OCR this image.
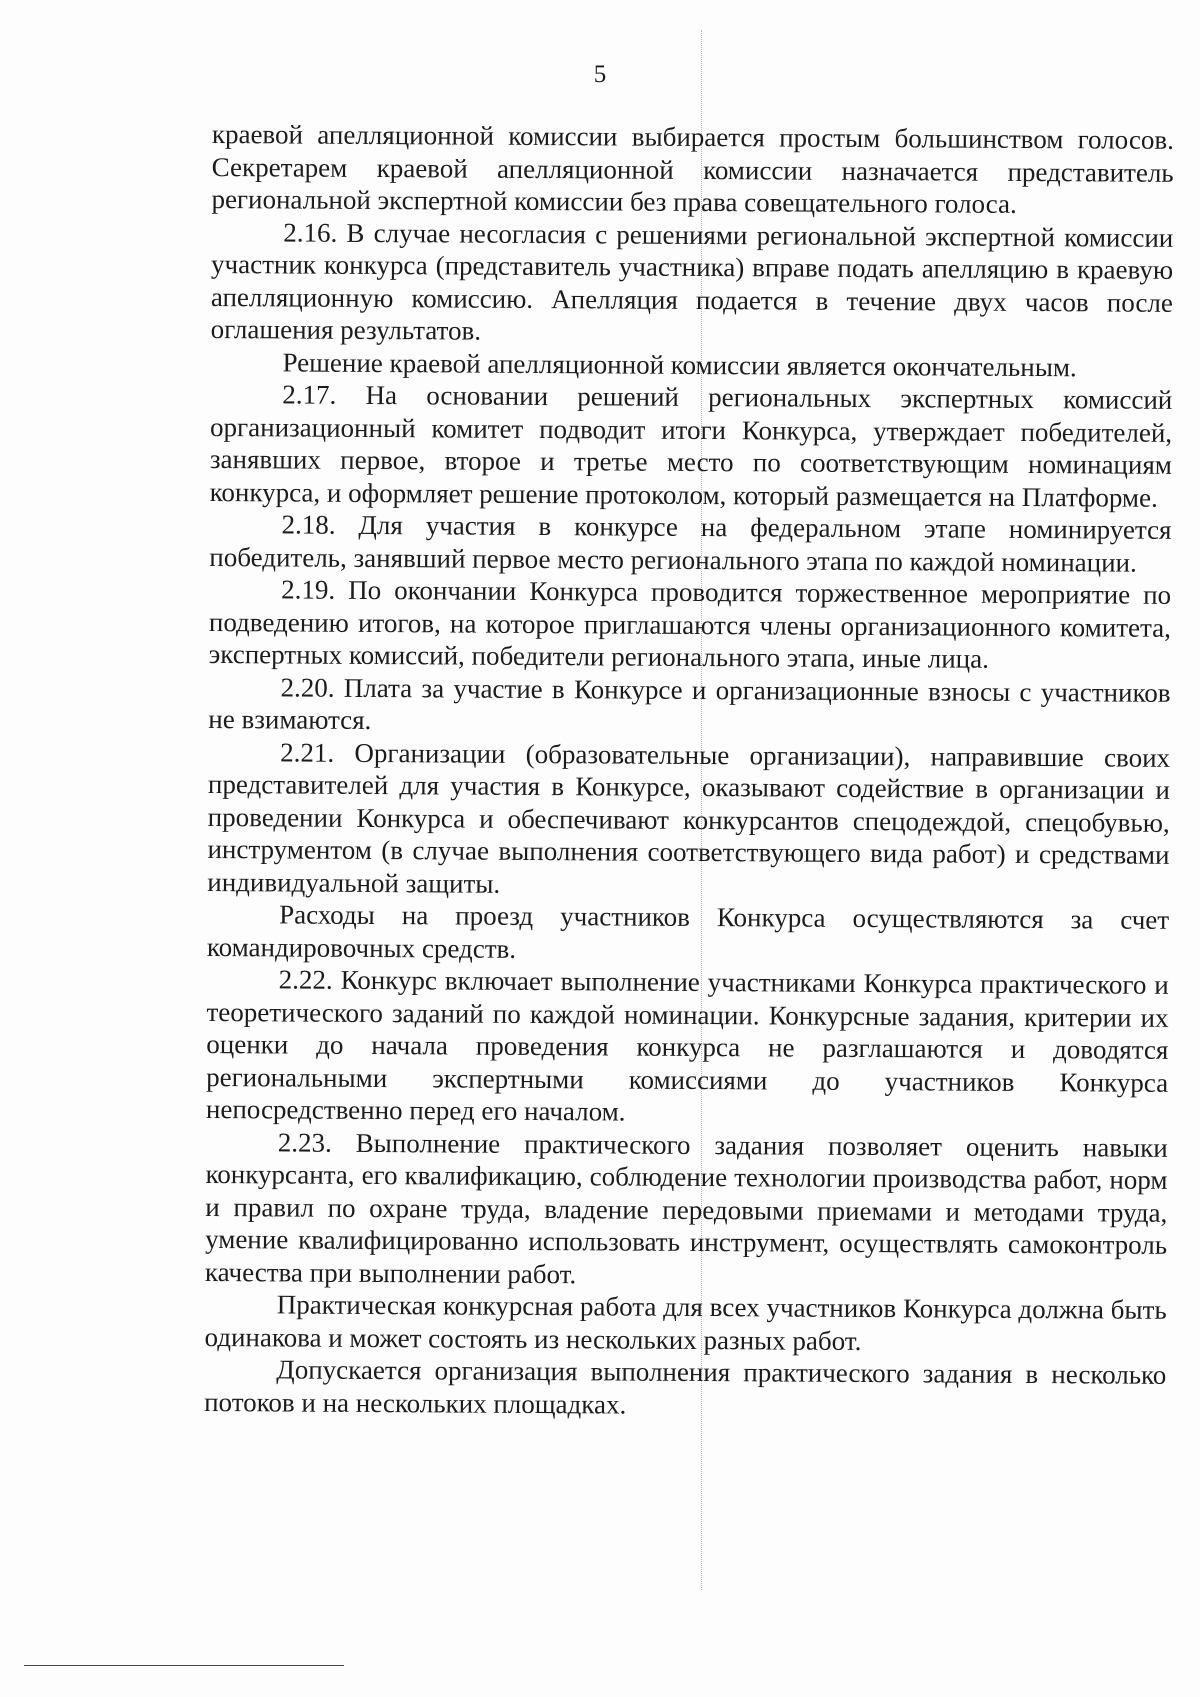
5

краевой апелляционной комиссии выбирается простым большинством голосов. Секретарем краевой апелляционной комиссии назначается представитель региональной экспертной комиссии без права совещательного голоса.

2.16. В случае несогласия с решениями региональной экспертной комиссии участник конкурса (представитель участника) вправе подать апелляцию в краевую апелляционную комиссию. Апелляция подается в течение двух часов после оглашения результатов.

Решение краевой апелляционной комиссии является окончательным.

2.17. На основании решений региональных экспертных комиссий организационный комитет подводит итоги Конкурса, утверждает победителей, занявших первое, второе и третье место по соответствующим номинациям конкурса, и оформляет решение протоколом, который размещается на Платформе.

2.18. Для участия в конкурсе на федеральном этапе номинируется победитель, занявший первое место регионального этапа по каждой номинации.

2.19. По окончании Конкурса проводится торжественное мероприятие по подведению итогов, на которое приглашаются члены организационного комитета, экспертных комиссий, победители регионального этапа, иные лица.

2.20. Плата за участие в Конкурсе и организационные взносы с участников не взимаются.

2.21. Организации (образовательные организации), направившие своих представителей для участия в Конкурсе, оказывают содействие в организации и проведении Конкурса и обеспечивают конкурсантов спецодеждой, спецобувью, инструментом (в случае выполнения соответствующего вида работ) и средствами индивидуальной защиты.

Расходы на проезд участников Конкурса осуществляются за счет командировочных средств.

2.22. Конкурс включает выполнение участниками Конкурса практического и теоретического заданий по каждой номинации. Конкурсные задания, критерии их оценки до начала проведения конкурса не разглашаются и доводятся региональными экспертными комиссиями до участников Конкурса непосредственно перед его началом.

2.23. Выполнение практического задания позволяет оценить навыки конкурсанта, его квалификацию, соблюдение технологии производства работ, норм и правил по охране труда, владение передовыми приемами и методами труда, умение квалифицированно использовать инструмент, осуществлять самоконтроль качества при выполнении работ.

Практическая конкурсная работа для всех участников Конкурса должна быть одинакова и может состоять из нескольких разных работ.

Допускается организация выполнения практического задания в несколько потоков и на нескольких площадках.
